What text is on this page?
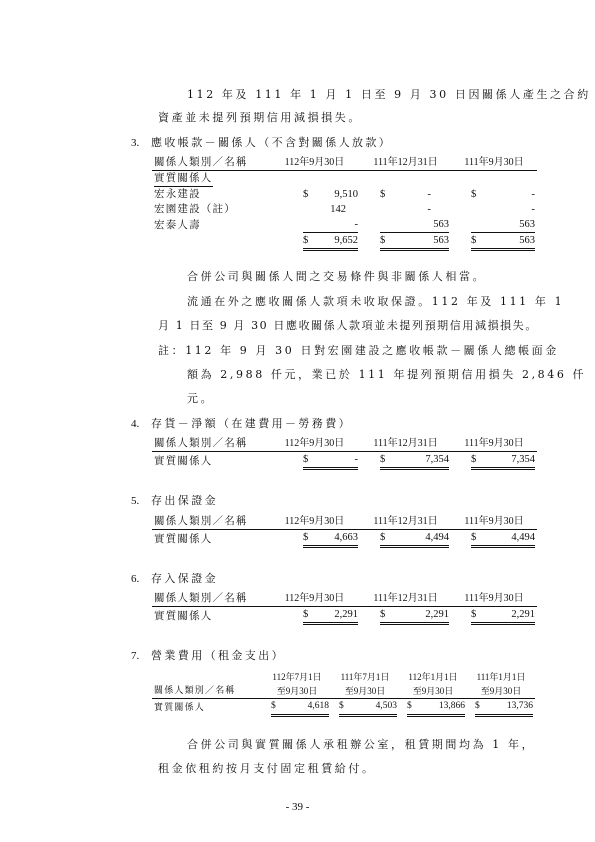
112 年及 111 年 1 月 1 日至 9 月 30 日因關係人產生之合約
資產並未提列預期信用減損損失。
3. 應收帳款－關係人（不含對關係人放款）
關係人類別／名稱	112年9月30日	111年12月31日	111年9月30日
實質關係人			
宏永建設	$ 9,510	$ -	$ -

宏園建設（註）	142	-	-

宏泰人壽	-	563	563

	$ 9,652	$ 563	$ 563
合併公司與關係人間之交易條件與非關係人相當。
流通在外之應收關係人款項未收取保證。112 年及 111 年 1
月 1 日至 9 月 30 日應收關係人款項並未提列預期信用減損損失。
註：112 年 9 月 30 日對宏園建設之應收帳款－關係人總帳面金
額為 2,988 仟元，業已於 111 年提列預期信用損失 2,846 仟
元。
4. 存貨－淨額（在建費用－勞務費）
關係人類別／名稱	112年9月30日	111年12月31日	111年9月30日
實質關係人	$ -	$ 7,354	$ 7,354
5. 存出保證金
關係人類別／名稱	112年9月30日	111年12月31日	111年9月30日
實質關係人	$ 4,663	$ 4,494	$ 4,494
6. 存入保證金
關係人類別／名稱	112年9月30日	111年12月31日	111年9月30日
實質關係人	$ 2,291	$ 2,291	$ 2,291
7. 營業費用（租金支出）
	112年7月1日	111年7月1日	112年1月1日	111年1月1日
關係人類別／名稱	至9月30日	至9月30日	至9月30日	至9月30日
實質關係人	$ 4,618	$ 4,503	$ 13,866	$ 13,736
合併公司與實質關係人承租辦公室，租賃期間均為 1 年，
租金依租約按月支付固定租賃給付。
- 39 -
